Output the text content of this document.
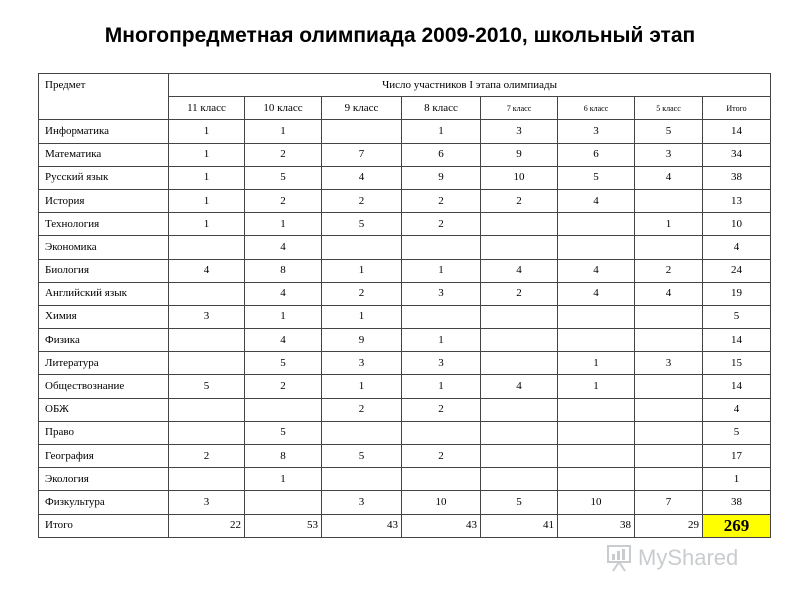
Многопредметная олимпиада 2009-2010, школьный этап
Предмет	Число участников I этапа олимпиады							
	11 класс	10 класс	9 класс	8 класс	7 класс	6 класс	5 класс	Итого
Информатика	1	1		1	3	3	5	14
Математика	1	2	7	6	9	6	3	34
Русский язык	1	5	4	9	10	5	4	38
История	1	2	2	2	2	4		13
Технология	1	1	5	2			1	10
Экономика		4						4
Биология	4	8	1	1	4	4	2	24
Английский язык		4	2	3	2	4	4	19
Химия	3	1	1					5
Физика		4	9	1				14
Литература		5	3	3		1	3	15
Обществознание	5	2	1	1	4	1		14
ОБЖ			2	2				4
Право		5						5
География	2	8	5	2				17
Экология		1						1
Физкультура	3		3	10	5	10	7	38
Итого	22	53	43	43	41	38	29	269
MyShared
